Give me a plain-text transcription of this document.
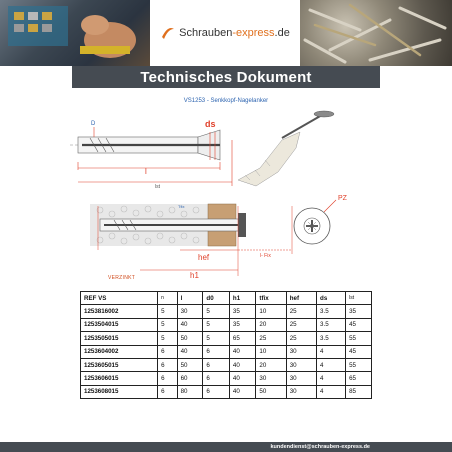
Schrauben-express.de
Technisches Dokument
VS1253 - Senkkopf-Nagelanker
D	ds
l
lst
Tfix
hef	l- Fix
h1
PZ
VERZINKT
REF VS	n	l	d0	h1	tfix	hef	ds	lst
1253816002	5	30	5	35	10	25	3.5	35
1253504015	5	40	5	35	20	25	3.5	45
1253505015	5	50	5	65	25	25	3.5	55
1253604002	6	40	6	40	10	30	4	45
1253605015	6	50	6	40	20	30	4	55
1253606015	6	60	6	40	30	30	4	65
1253608015	6	80	6	40	50	30	4	85
kundendienst@schrauben-express.de
